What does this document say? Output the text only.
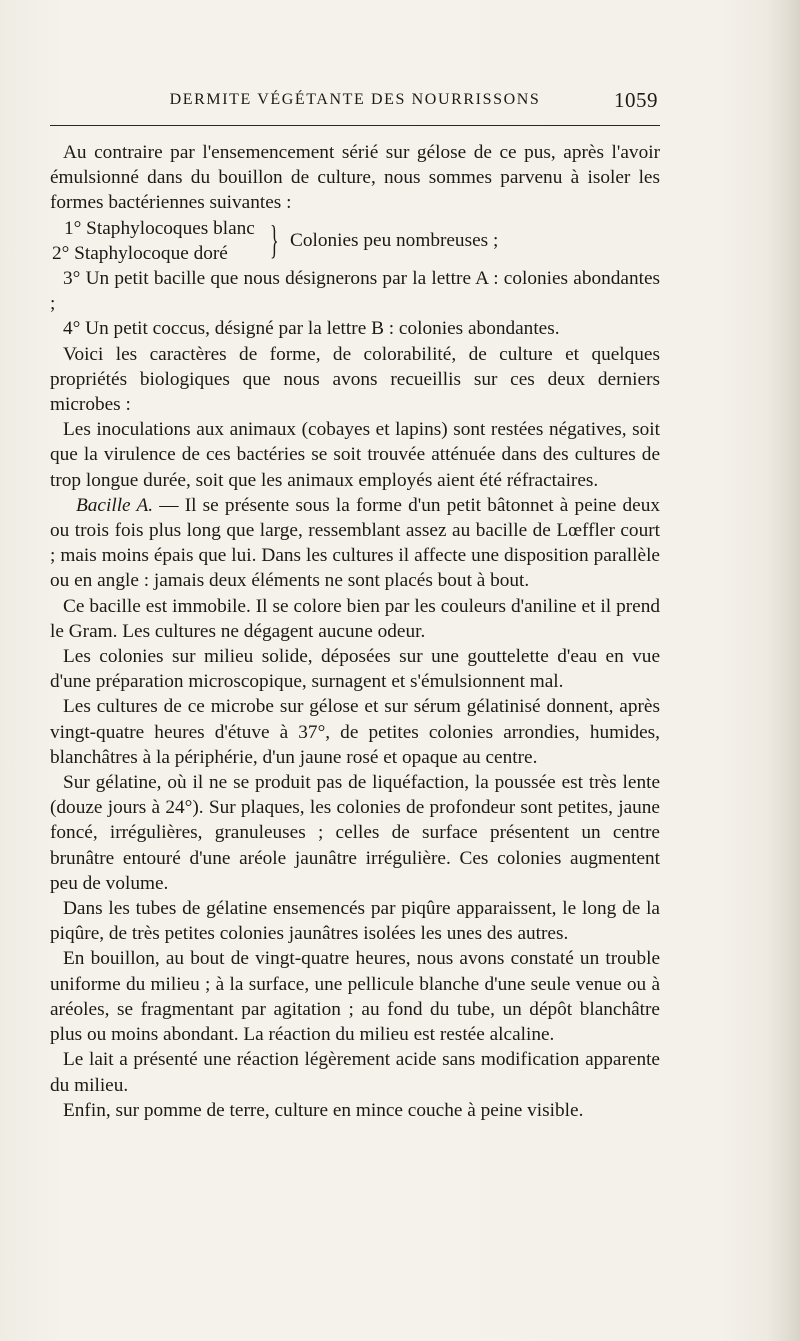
DERMITE VÉGÉTANTE DES NOURRISSONS	1059

Au contraire par l'ensemencement sérié sur gélose de ce pus, après l'avoir émulsionné dans du bouillon de culture, nous sommes parvenu à isoler les formes bactériennes suivantes :

1° Staphylocoques blanc
2° Staphylocoque doré	} Colonies peu nombreuses ;

3° Un petit bacille que nous désignerons par la lettre A : colonies abondantes ;

4° Un petit coccus, désigné par la lettre B : colonies abondantes.

Voici les caractères de forme, de colorabilité, de culture et quelques propriétés biologiques que nous avons recueillis sur ces deux derniers microbes :

Les inoculations aux animaux (cobayes et lapins) sont restées négatives, soit que la virulence de ces bactéries se soit trouvée atténuée dans des cultures de trop longue durée, soit que les animaux employés aient été réfractaires.

Bacille A. — Il se présente sous la forme d'un petit bâtonnet à peine deux ou trois fois plus long que large, ressemblant assez au bacille de Lœffler court ; mais moins épais que lui. Dans les cultures il affecte une disposition parallèle ou en angle : jamais deux éléments ne sont placés bout à bout.

Ce bacille est immobile. Il se colore bien par les couleurs d'aniline et il prend le Gram. Les cultures ne dégagent aucune odeur.

Les colonies sur milieu solide, déposées sur une gouttelette d'eau en vue d'une préparation microscopique, surnagent et s'émulsionnent mal.

Les cultures de ce microbe sur gélose et sur sérum gélatinisé donnent, après vingt-quatre heures d'étuve à 37°, de petites colonies arrondies, humides, blanchâtres à la périphérie, d'un jaune rosé et opaque au centre.

Sur gélatine, où il ne se produit pas de liquéfaction, la poussée est très lente (douze jours à 24°). Sur plaques, les colonies de profondeur sont petites, jaune foncé, irrégulières, granuleuses ; celles de surface présentent un centre brunâtre entouré d'une aréole jaunâtre irrégulière. Ces colonies augmentent peu de volume.

Dans les tubes de gélatine ensemencés par piqûre apparaissent, le long de la piqûre, de très petites colonies jaunâtres isolées les unes des autres.

En bouillon, au bout de vingt-quatre heures, nous avons constaté un trouble uniforme du milieu ; à la surface, une pellicule blanche d'une seule venue ou à aréoles, se fragmentant par agitation ; au fond du tube, un dépôt blanchâtre plus ou moins abondant. La réaction du milieu est restée alcaline.

Le lait a présenté une réaction légèrement acide sans modification apparente du milieu.

Enfin, sur pomme de terre, culture en mince couche à peine visible.
